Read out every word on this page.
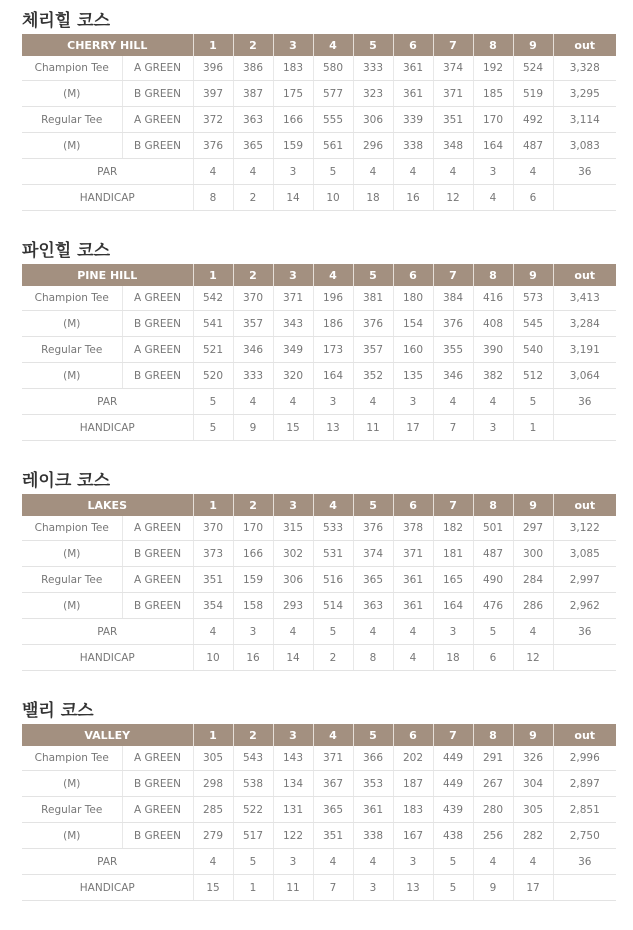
체리힐 코스
CHERRY HILL		1	2	3	4	5	6	7	8	9	out
Champion Tee	A GREEN	396	386	183	580	333	361	374	192	524	3,328
(M)	B GREEN	397	387	175	577	323	361	371	185	519	3,295
Regular Tee	A GREEN	372	363	166	555	306	339	351	170	492	3,114
(M)	B GREEN	376	365	159	561	296	338	348	164	487	3,083
PAR		4	4	3	5	4	4	4	3	4	36
HANDICAP		8	2	14	10	18	16	12	4	6	
파인힐 코스
PINE HILL		1	2	3	4	5	6	7	8	9	out
Champion Tee	A GREEN	542	370	371	196	381	180	384	416	573	3,413
(M)	B GREEN	541	357	343	186	376	154	376	408	545	3,284
Regular Tee	A GREEN	521	346	349	173	357	160	355	390	540	3,191
(M)	B GREEN	520	333	320	164	352	135	346	382	512	3,064
PAR		5	4	4	3	4	3	4	4	5	36
HANDICAP		5	9	15	13	11	17	7	3	1	
레이크 코스
LAKES		1	2	3	4	5	6	7	8	9	out
Champion Tee	A GREEN	370	170	315	533	376	378	182	501	297	3,122
(M)	B GREEN	373	166	302	531	374	371	181	487	300	3,085
Regular Tee	A GREEN	351	159	306	516	365	361	165	490	284	2,997
(M)	B GREEN	354	158	293	514	363	361	164	476	286	2,962
PAR		4	3	4	5	4	4	3	5	4	36
HANDICAP		10	16	14	2	8	4	18	6	12	
밸리 코스
VALLEY		1	2	3	4	5	6	7	8	9	out
Champion Tee	A GREEN	305	543	143	371	366	202	449	291	326	2,996
(M)	B GREEN	298	538	134	367	353	187	449	267	304	2,897
Regular Tee	A GREEN	285	522	131	365	361	183	439	280	305	2,851
(M)	B GREEN	279	517	122	351	338	167	438	256	282	2,750
PAR		4	5	3	4	4	3	5	4	4	36
HANDICAP		15	1	11	7	3	13	5	9	17	
